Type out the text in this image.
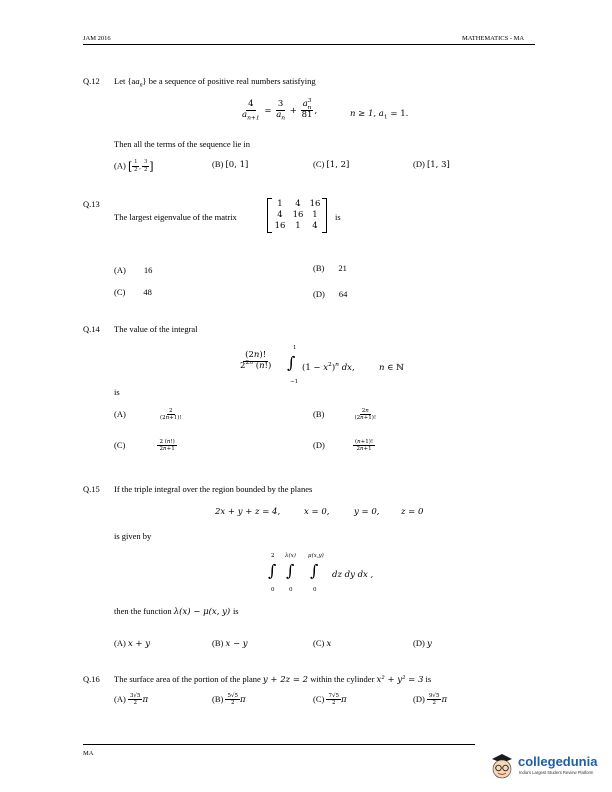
JAM 2016	MATHEMATICS - MA
Q.12 Let $\{aa_n\}$ be a sequence of positive real numbers satisfying
$\frac{4}{a_{n+1}} = \frac{3}{a_n} + \frac{a^3_n}{81}$ ,	n ≥ 1, $a_1 = 1$.
Then all the terms of the sequence lie in
(A) [ $\frac{1}{2}$ , $\frac{3}{2}$ ]	(B) [0, 1]	(C) [1, 2]	(D) [1, 3]
Q.13
The largest eigenvalue of the matrix
1	4	16
4	16	1
16	1	4
is
(A) 16	(B) 21
(C) 48	(D) 64
Q.14 The value of the integral
$\frac{(2n)!}{2^{2n} (n!)}$
1
∫
−1
$(1 - x^2)^n$ dx,	n ∈ ℕ
is
(A)	$\frac{2}{(2n+1)!}$	(B)	$\frac{2n}{(2n+1)!}$
(C)	$\frac{2 (n!)}{2n+1}$	(D)	$\frac{(n+1)!}{2n+1}$
Q.15 If the triple integral over the region bounded by the planes
2x + y + z = 4,	x = 0,	y = 0,	z = 0
is given by
2 λ(x) μ(x,y)
∫ ∫ ∫
0	0	0
dz dy dx ,
then the function λ(x) − μ(x, y) is
(A) x + y	(B) x − y	(C) x	(D) y
Q.16 The surface area of the portion of the plane y + 2z = 2 within the cylinder x² + y² = 3 is
$(A) \frac{3√5}{2}$ π	$(B) \frac{5√5}{2}$ π	$(C) \frac{7√5}{2}$ π	$(D) \frac{9√5}{2}$ π
MA
collegedunia
India's Largest Student Review Platform
